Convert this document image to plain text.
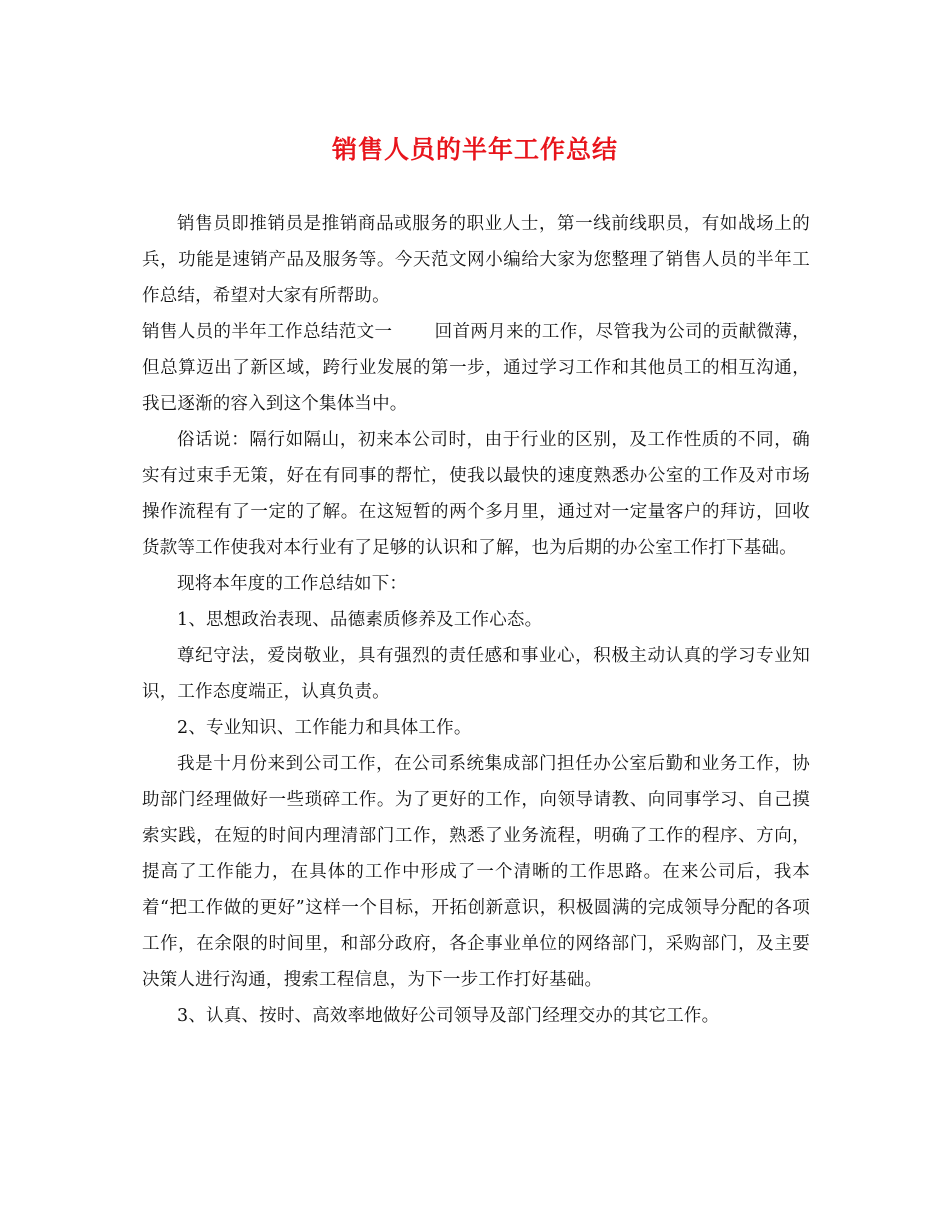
销售人员的半年工作总结

销售员即推销员是推销商品或服务的职业人士，第一线前线职员，有如战场上的兵，功能是速销产品及服务等。今天范文网小编给大家为您整理了销售人员的半年工作总结，希望对大家有所帮助。

销售人员的半年工作总结范文一 回首两月来的工作，尽管我为公司的贡献微薄，但总算迈出了新区域，跨行业发展的第一步，通过学习工作和其他员工的相互沟通，我已逐渐的容入到这个集体当中。

俗话说：隔行如隔山，初来本公司时，由于行业的区别，及工作性质的不同，确实有过束手无策，好在有同事的帮忙，使我以最快的速度熟悉办公室的工作及对市场操作流程有了一定的了解。在这短暂的两个多月里，通过对一定量客户的拜访，回收货款等工作使我对本行业有了足够的认识和了解，也为后期的办公室工作打下基础。

现将本年度的工作总结如下：

1、思想政治表现、品德素质修养及工作心态。

尊纪守法，爱岗敬业，具有强烈的责任感和事业心，积极主动认真的学习专业知识，工作态度端正，认真负责。

2、专业知识、工作能力和具体工作。

我是十月份来到公司工作，在公司系统集成部门担任办公室后勤和业务工作，协助部门经理做好一些琐碎工作。为了更好的工作，向领导请教、向同事学习、自己摸索实践，在短的时间内理清部门工作，熟悉了业务流程，明确了工作的程序、方向，提高了工作能力，在具体的工作中形成了一个清晰的工作思路。在来公司后，我本着“把工作做的更好”这样一个目标，开拓创新意识，积极圆满的完成领导分配的各项工作，在余限的时间里，和部分政府，各企事业单位的网络部门，采购部门，及主要决策人进行沟通，搜索工程信息，为下一步工作打好基础。

3、认真、按时、高效率地做好公司领导及部门经理交办的其它工作。
